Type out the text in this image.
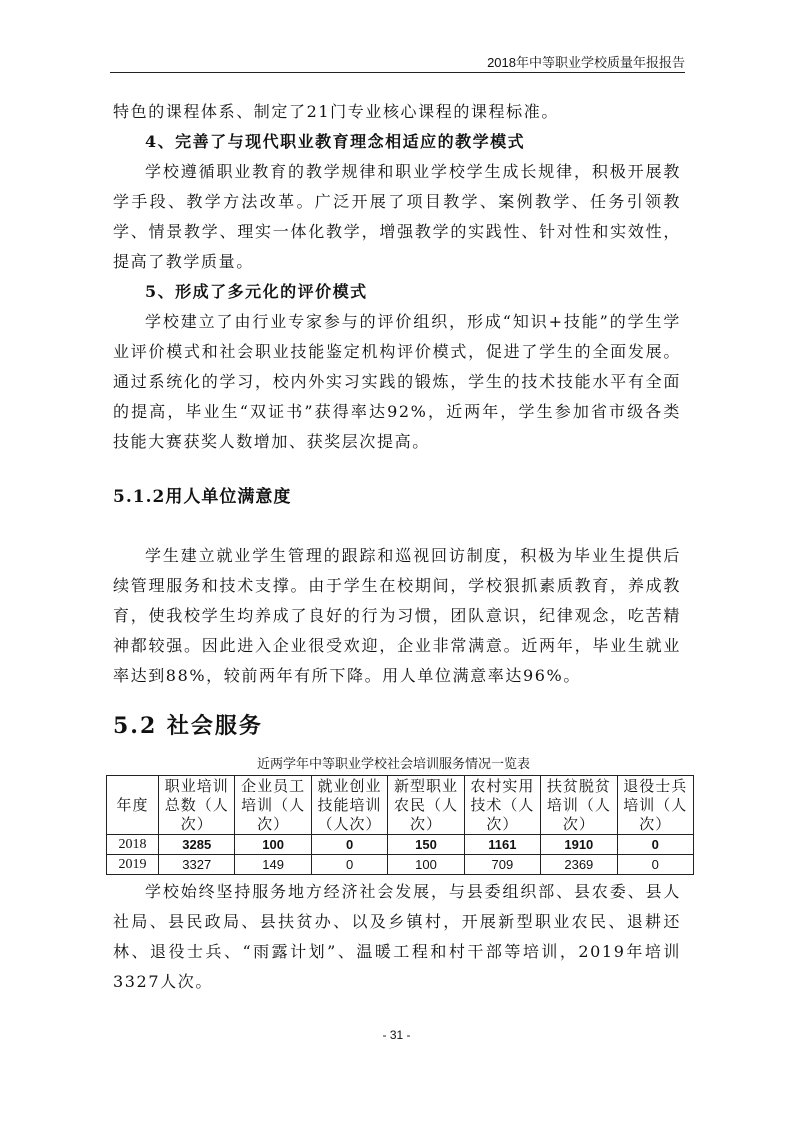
2018年中等职业学校质量年报报告

特色的课程体系、制定了21门专业核心课程的课程标准。

4、完善了与现代职业教育理念相适应的教学模式

学校遵循职业教育的教学规律和职业学校学生成长规律，积极开展教学手段、教学方法改革。广泛开展了项目教学、案例教学、任务引领教学、情景教学、理实一体化教学，增强教学的实践性、针对性和实效性，提高了教学质量。

5、形成了多元化的评价模式

学校建立了由行业专家参与的评价组织，形成“知识+技能”的学生学业评价模式和社会职业技能鉴定机构评价模式，促进了学生的全面发展。通过系统化的学习，校内外实习实践的锻炼，学生的技术技能水平有全面的提高，毕业生“双证书”获得率达92%，近两年，学生参加省市级各类技能大赛获奖人数增加、获奖层次提高。

5.1.2用人单位满意度

学生建立就业学生管理的跟踪和巡视回访制度，积极为毕业生提供后续管理服务和技术支撑。由于学生在校期间，学校狠抓素质教育，养成教育，使我校学生均养成了良好的行为习惯，团队意识，纪律观念，吃苦精神都较强。因此进入企业很受欢迎，企业非常满意。近两年，毕业生就业率达到88%，较前两年有所下降。用人单位满意率达96%。

5.2 社会服务
近两学年中等职业学校社会培训服务情况一览表
年度	职业培训总数（人次）	企业员工培训（人次）	就业创业技能培训（人次）	新型职业农民（人次）	农村实用技术（人次）	扶贫脱贫培训（人次）	退役士兵培训（人次）
2018	3285	100	0	150	1161	1910	0
2019	3327	149	0	100	709	2369	0

学校始终坚持服务地方经济社会发展，与县委组织部、县农委、县人社局、县民政局、县扶贫办、以及乡镇村，开展新型职业农民、退耕还林、退役士兵、“雨露计划”、温暖工程和村干部等培训，2019年培训3327人次。

- 31 -
